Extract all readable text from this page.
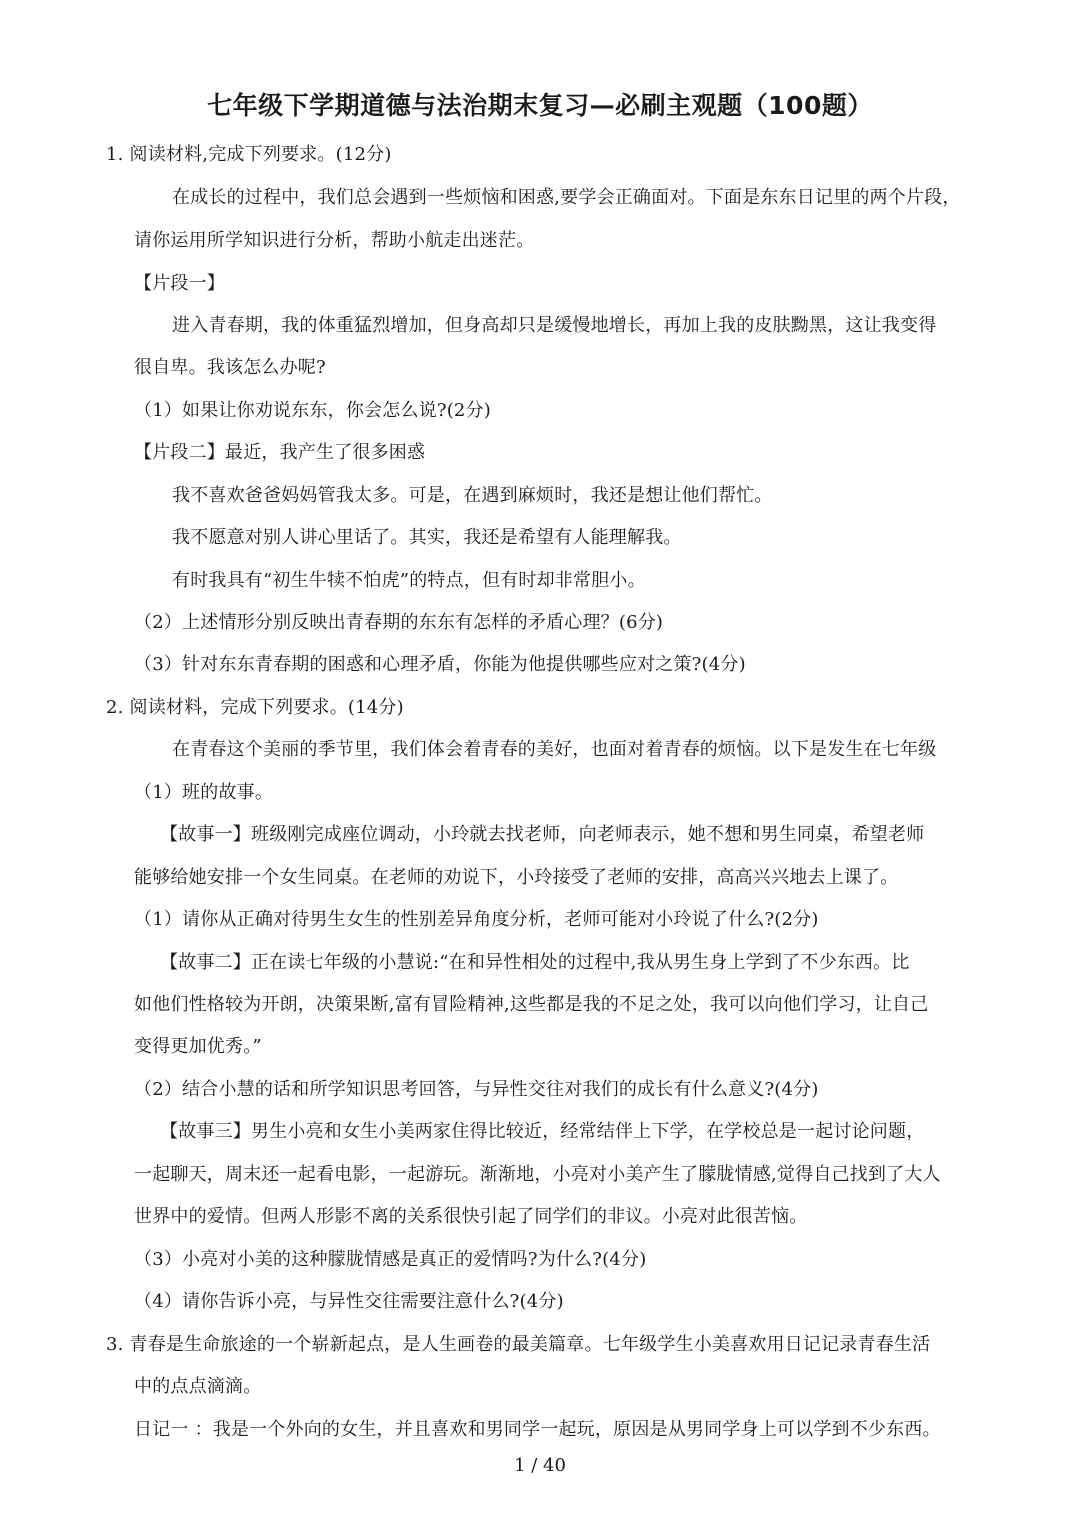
七年级下学期道德与法治期末复习—必刷主观题（100题）
1. 阅读材料,完成下列要求。(12分)
在成长的过程中，我们总会遇到一些烦恼和困惑,要学会正确面对。下面是东东日记里的两个片段，
请你运用所学知识进行分析，帮助小航走出迷茫。
【片段一】
进入青春期，我的体重猛烈增加，但身高却只是缓慢地增长，再加上我的皮肤黝黑，这让我变得
很自卑。我该怎么办呢?
（1）如果让你劝说东东，你会怎么说?(2分)
【片段二】最近，我产生了很多困惑
我不喜欢爸爸妈妈管我太多。可是，在遇到麻烦时，我还是想让他们帮忙。
我不愿意对别人讲心里话了。其实，我还是希望有人能理解我。
有时我具有“初生牛犊不怕虎”的特点，但有时却非常胆小。
（2）上述情形分别反映出青春期的东东有怎样的矛盾心理？(6分)
（3）针对东东青春期的困惑和心理矛盾，你能为他提供哪些应对之策?(4分)
2. 阅读材料，完成下列要求。(14分)
在青春这个美丽的季节里，我们体会着青春的美好，也面对着青春的烦恼。以下是发生在七年级
（1）班的故事。
【故事一】班级刚完成座位调动，小玲就去找老师，向老师表示，她不想和男生同桌，希望老师
能够给她安排一个女生同桌。在老师的劝说下，小玲接受了老师的安排，高高兴兴地去上课了。
（1）请你从正确对待男生女生的性别差异角度分析，老师可能对小玲说了什么?(2分)
【故事二】正在读七年级的小慧说:“在和异性相处的过程中,我从男生身上学到了不少东西。比
如他们性格较为开朗，决策果断,富有冒险精神,这些都是我的不足之处，我可以向他们学习，让自己
变得更加优秀。”
（2）结合小慧的话和所学知识思考回答，与异性交往对我们的成长有什么意义?(4分)
【故事三】男生小亮和女生小美两家住得比较近，经常结伴上下学，在学校总是一起讨论问题，
一起聊天，周末还一起看电影，一起游玩。渐渐地，小亮对小美产生了朦胧情感,觉得自己找到了大人
世界中的爱情。但两人形影不离的关系很快引起了同学们的非议。小亮对此很苦恼。
（3）小亮对小美的这种朦胧情感是真正的爱情吗?为什么?(4分)
（4）请你告诉小亮，与异性交往需要注意什么?(4分)
3. 青春是生命旅途的一个崭新起点，是人生画卷的最美篇章。七年级学生小美喜欢用日记记录青春生活
中的点点滴滴。
日记一 ：我是一个外向的女生，并且喜欢和男同学一起玩，原因是从男同学身上可以学到不少东西。
1 / 40
